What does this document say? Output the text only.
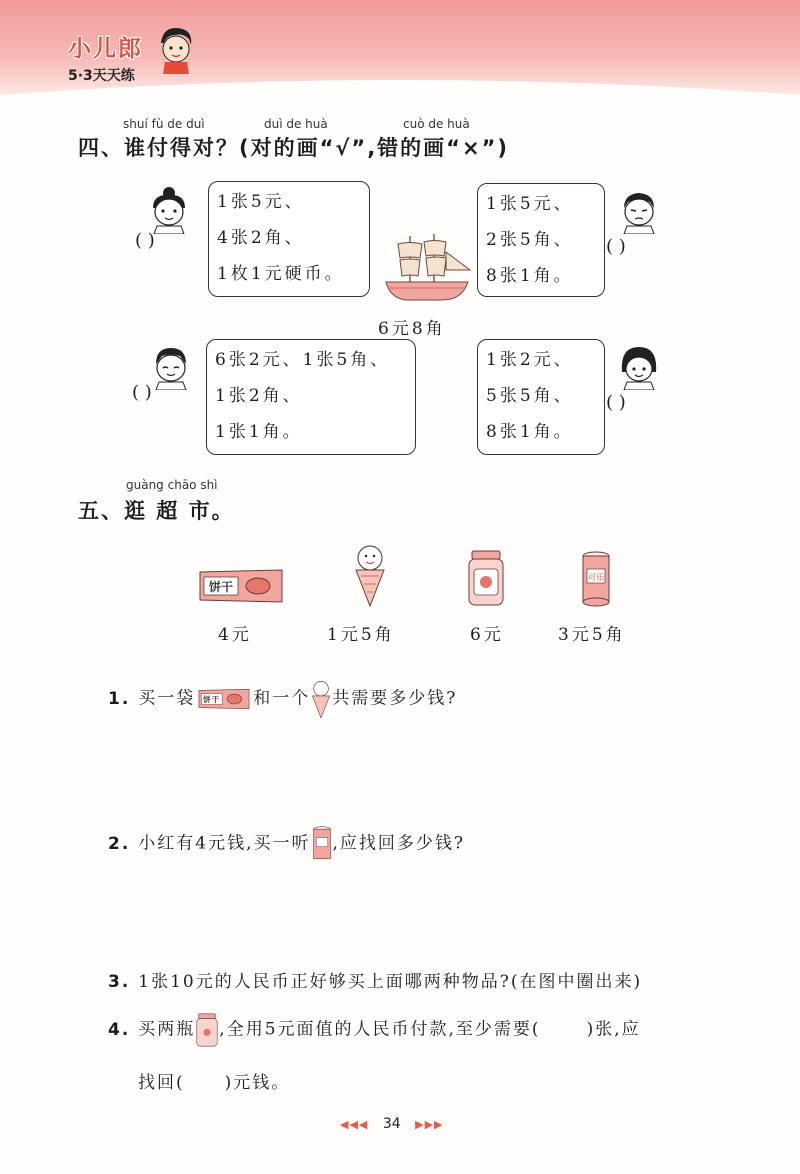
小儿郎
5·3天天练
shuí fù de duì	duì de huà	cuò de huà
四、谁付得对？(对的画“√”,错的画“×”)
( )	( )
( )	( )
1张5元、
4张2角、
1枚1元硬币。
1张5元、
2张5角、
8张1角。
6张2元、1张5角、
1张2角、
1张1角。
1张2元、
5张5角、
8张1角。
6元8角
guàng chāo shì
五、逛 超 市。
饼干
可乐
4元	1元5角	6元	3元5角
1. 买一袋 饼干 和一个 共需要多少钱?
2. 小红有4元钱,买一听 ,应找回多少钱?
3. 1张10元的人民币正好够买上面哪两种物品?(在图中圈出来)
4. 买两瓶 ,全用5元面值的人民币付款,至少需要(	)张,应
找回( )元钱。
◀◀◀ 34 ▶▶▶
